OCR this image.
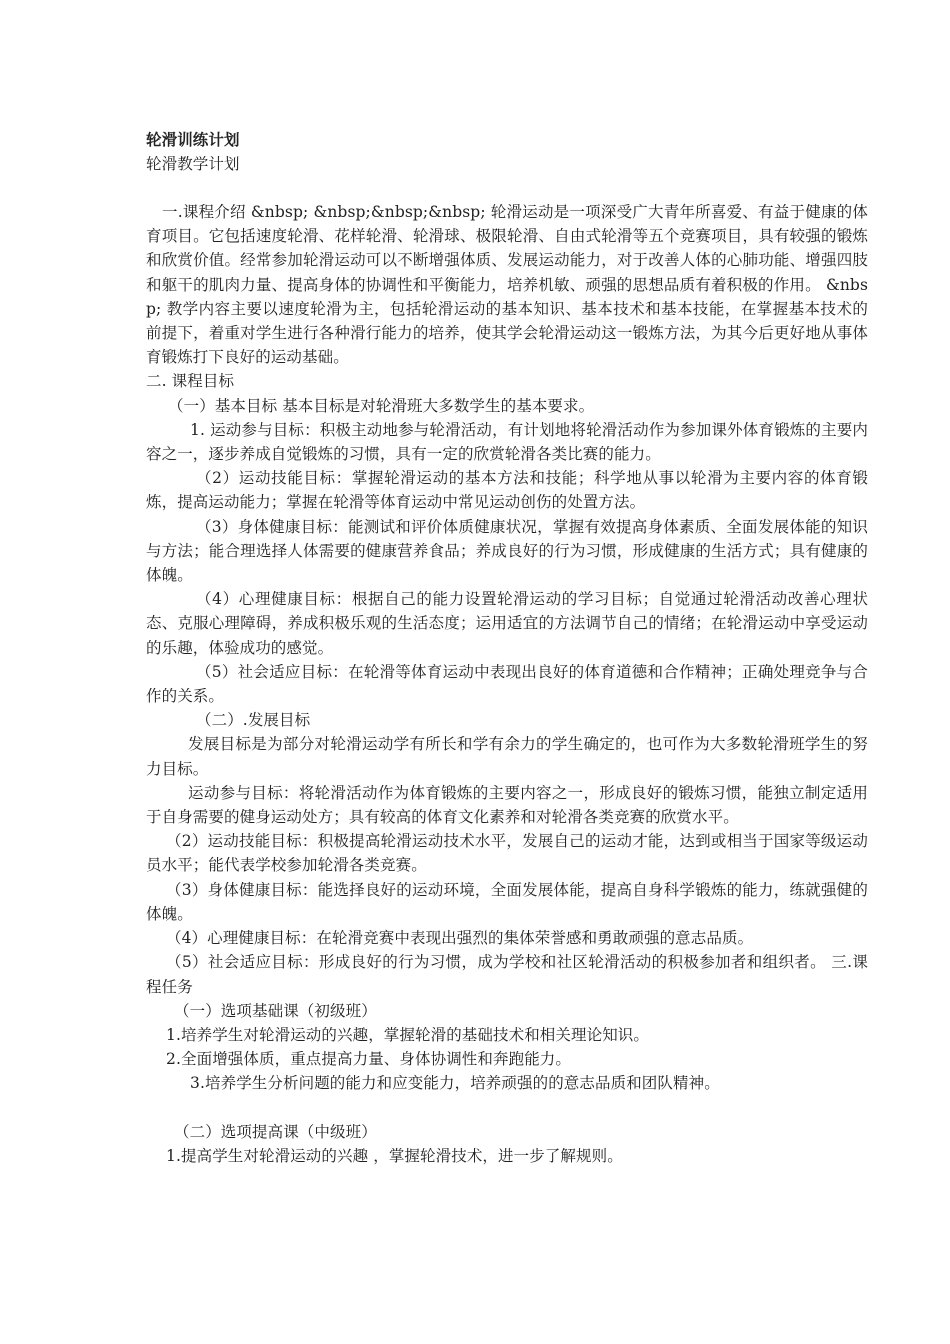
轮滑训练计划
轮滑教学计划

一.课程介绍 &nbsp; &nbsp;&nbsp;&nbsp; 轮滑运动是一项深受广大青年所喜爱、有益于健康的体育项目。它包括速度轮滑、花样轮滑、轮滑球、极限轮滑、自由式轮滑等五个竞赛项目，具有较强的锻炼和欣赏价值。经常参加轮滑运动可以不断增强体质、发展运动能力，对于改善人体的心肺功能、增强四肢和躯干的肌肉力量、提高身体的协调性和平衡能力，培养机敏、顽强的思想品质有着积极的作用。 &nbsp; 教学内容主要以速度轮滑为主，包括轮滑运动的基本知识、基本技术和基本技能，在掌握基本技术的前提下，着重对学生进行各种滑行能力的培养，使其学会轮滑运动这一锻炼方法，为其今后更好地从事体育锻炼打下良好的运动基础。

二. 课程目标

（一）基本目标 基本目标是对轮滑班大多数学生的基本要求。

1. 运动参与目标：积极主动地参与轮滑活动，有计划地将轮滑活动作为参加课外体育锻炼的主要内容之一，逐步养成自觉锻炼的习惯，具有一定的欣赏轮滑各类比赛的能力。

（2）运动技能目标：掌握轮滑运动的基本方法和技能；科学地从事以轮滑为主要内容的体育锻炼，提高运动能力；掌握在轮滑等体育运动中常见运动创伤的处置方法。

（3）身体健康目标：能测试和评价体质健康状况，掌握有效提高身体素质、全面发展体能的知识与方法；能合理选择人体需要的健康营养食品；养成良好的行为习惯，形成健康的生活方式；具有健康的体魄。

（4）心理健康目标：根据自己的能力设置轮滑运动的学习目标；自觉通过轮滑活动改善心理状态、克服心理障碍，养成积极乐观的生活态度；运用适宜的方法调节自己的情绪；在轮滑运动中享受运动的乐趣，体验成功的感觉。

（5）社会适应目标：在轮滑等体育运动中表现出良好的体育道德和合作精神；正确处理竞争与合作的关系。

（二）.发展目标

发展目标是为部分对轮滑运动学有所长和学有余力的学生确定的，也可作为大多数轮滑班学生的努力目标。

运动参与目标：将轮滑活动作为体育锻炼的主要内容之一，形成良好的锻炼习惯，能独立制定适用于自身需要的健身运动处方；具有较高的体育文化素养和对轮滑各类竞赛的欣赏水平。

（2）运动技能目标：积极提高轮滑运动技术水平，发展自己的运动才能，达到或相当于国家等级运动员水平；能代表学校参加轮滑各类竞赛。

（3）身体健康目标：能选择良好的运动环境，全面发展体能，提高自身科学锻炼的能力，练就强健的体魄。

（4）心理健康目标：在轮滑竞赛中表现出强烈的集体荣誉感和勇敢顽强的意志品质。

（5）社会适应目标：形成良好的行为习惯，成为学校和社区轮滑活动的积极参加者和组织者。 三.课程任务

（一）选项基础课（初级班）

1.培养学生对轮滑运动的兴趣，掌握轮滑的基础技术和相关理论知识。

2.全面增强体质，重点提高力量、身体协调性和奔跑能力。

3.培养学生分析问题的能力和应变能力，培养顽强的的意志品质和团队精神。

（二）选项提高课（中级班）

1.提高学生对轮滑运动的兴趣 ，掌握轮滑技术，进一步了解规则。
